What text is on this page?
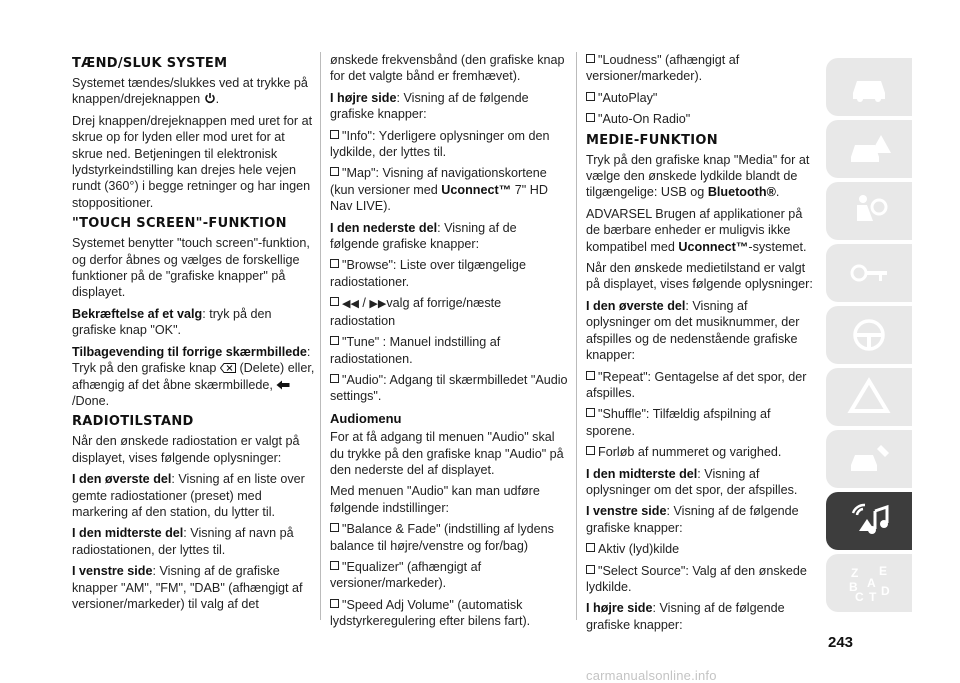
TÆND/SLUK SYSTEM

Systemet tændes/slukkes ved at trykke på knappen/drejeknappen .

Drej knappen/drejeknappen med uret for at skrue op for lyden eller mod uret for at skrue ned. Betjeningen til elektronisk lydstyrkeindstilling kan drejes hele vejen rundt (360°) i begge retninger og har ingen stoppositioner.

"TOUCH SCREEN"-FUNKTION

Systemet benytter "touch screen"-funktion, og derfor åbnes og vælges de forskellige funktioner på de "grafiske knapper" på displayet.

Bekræftelse af et valg: tryk på den grafiske knap "OK".

Tilbagevending til forrige skærmbillede: Tryk på den grafiske knap (Delete) eller, afhængig af det åbne skærmbillede, /Done.

RADIOTILSTAND

Når den ønskede radiostation er valgt på displayet, vises følgende oplysninger:

I den øverste del: Visning af en liste over gemte radiostationer (preset) med markering af den station, du lytter til.

I den midterste del: Visning af navn på radiostationen, der lyttes til.

I venstre side: Visning af de grafiske knapper "AM", "FM", "DAB" (afhængigt af versioner/markeder) til valg af det

ønskede frekvensbånd (den grafiske knap for det valgte bånd er fremhævet).

I højre side: Visning af de følgende grafiske knapper:

"Info": Yderligere oplysninger om den lydkilde, der lyttes til.

"Map": Visning af navigationskortene (kun versioner med Uconnect™ 7" HD Nav LIVE).

I den nederste del: Visning af de følgende grafiske knapper:

"Browse": Liste over tilgængelige radiostationer.

◀◀ / ▶▶valg af forrige/næste radiostation

"Tune" : Manuel indstilling af radiostationen.

"Audio": Adgang til skærmbilledet "Audio settings".

Audiomenu

For at få adgang til menuen "Audio" skal du trykke på den grafiske knap "Audio" på den nederste del af displayet.

Med menuen "Audio" kan man udføre følgende indstillinger:

"Balance & Fade" (indstilling af lydens balance til højre/venstre og for/bag)

"Equalizer" (afhængigt af versioner/markeder).

"Speed Adj Volume" (automatisk lydstyrkeregulering efter bilens fart).

"Loudness" (afhængigt af versioner/markeder).

"AutoPlay"

"Auto-On Radio"

MEDIE-FUNKTION

Tryk på den grafiske knap "Media" for at vælge den ønskede lydkilde blandt de tilgængelige: USB og Bluetooth®.

ADVARSEL Brugen af applikationer på de bærbare enheder er muligvis ikke kompatibel med Uconnect™-systemet.

Når den ønskede medietilstand er valgt på displayet, vises følgende oplysninger:

I den øverste del: Visning af oplysninger om det musiknummer, der afspilles og de nedenstående grafiske knapper:

"Repeat": Gentagelse af det spor, der afspilles.

"Shuffle": Tilfældig afspilning af sporene.

Forløb af nummeret og varighed.

I den midterste del: Visning af oplysninger om det spor, der afspilles.

I venstre side: Visning af de følgende grafiske knapper:

Aktiv (lyd)kilde

"Select Source": Valg af den ønskede lydkilde.

I højre side: Visning af de følgende grafiske knapper:

Z E
B A
C T D
243
carmanualsonline.info
